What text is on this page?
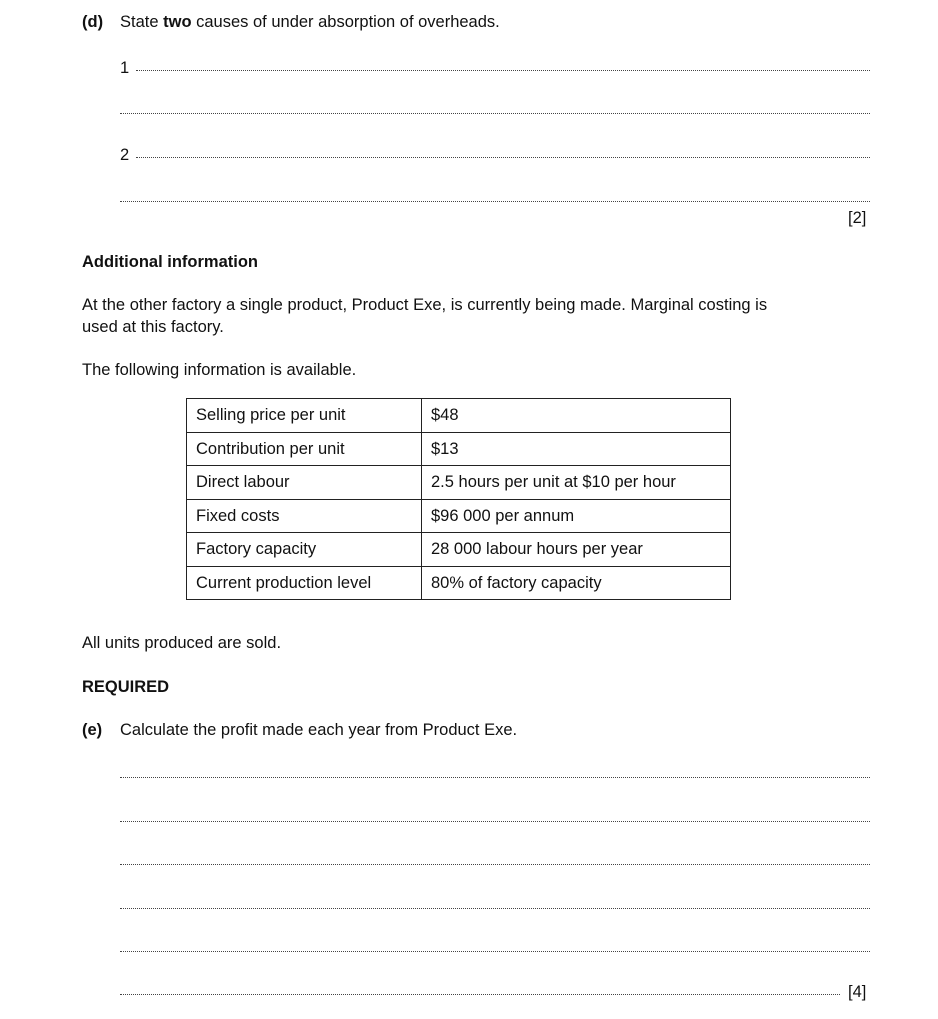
(d) State two causes of under absorption of overheads.
1
2
[2]
Additional information
At the other factory a single product, Product Exe, is currently being made. Marginal costing is
used at this factory.
The following information is available.
Selling price per unit	$48
Contribution per unit	$13
Direct labour	2.5 hours per unit at $10 per hour
Fixed costs	$96 000 per annum
Factory capacity	28 000 labour hours per year
Current production level	80% of factory capacity
All units produced are sold.
REQUIRED
(e) Calculate the profit made each year from Product Exe.
[4]
